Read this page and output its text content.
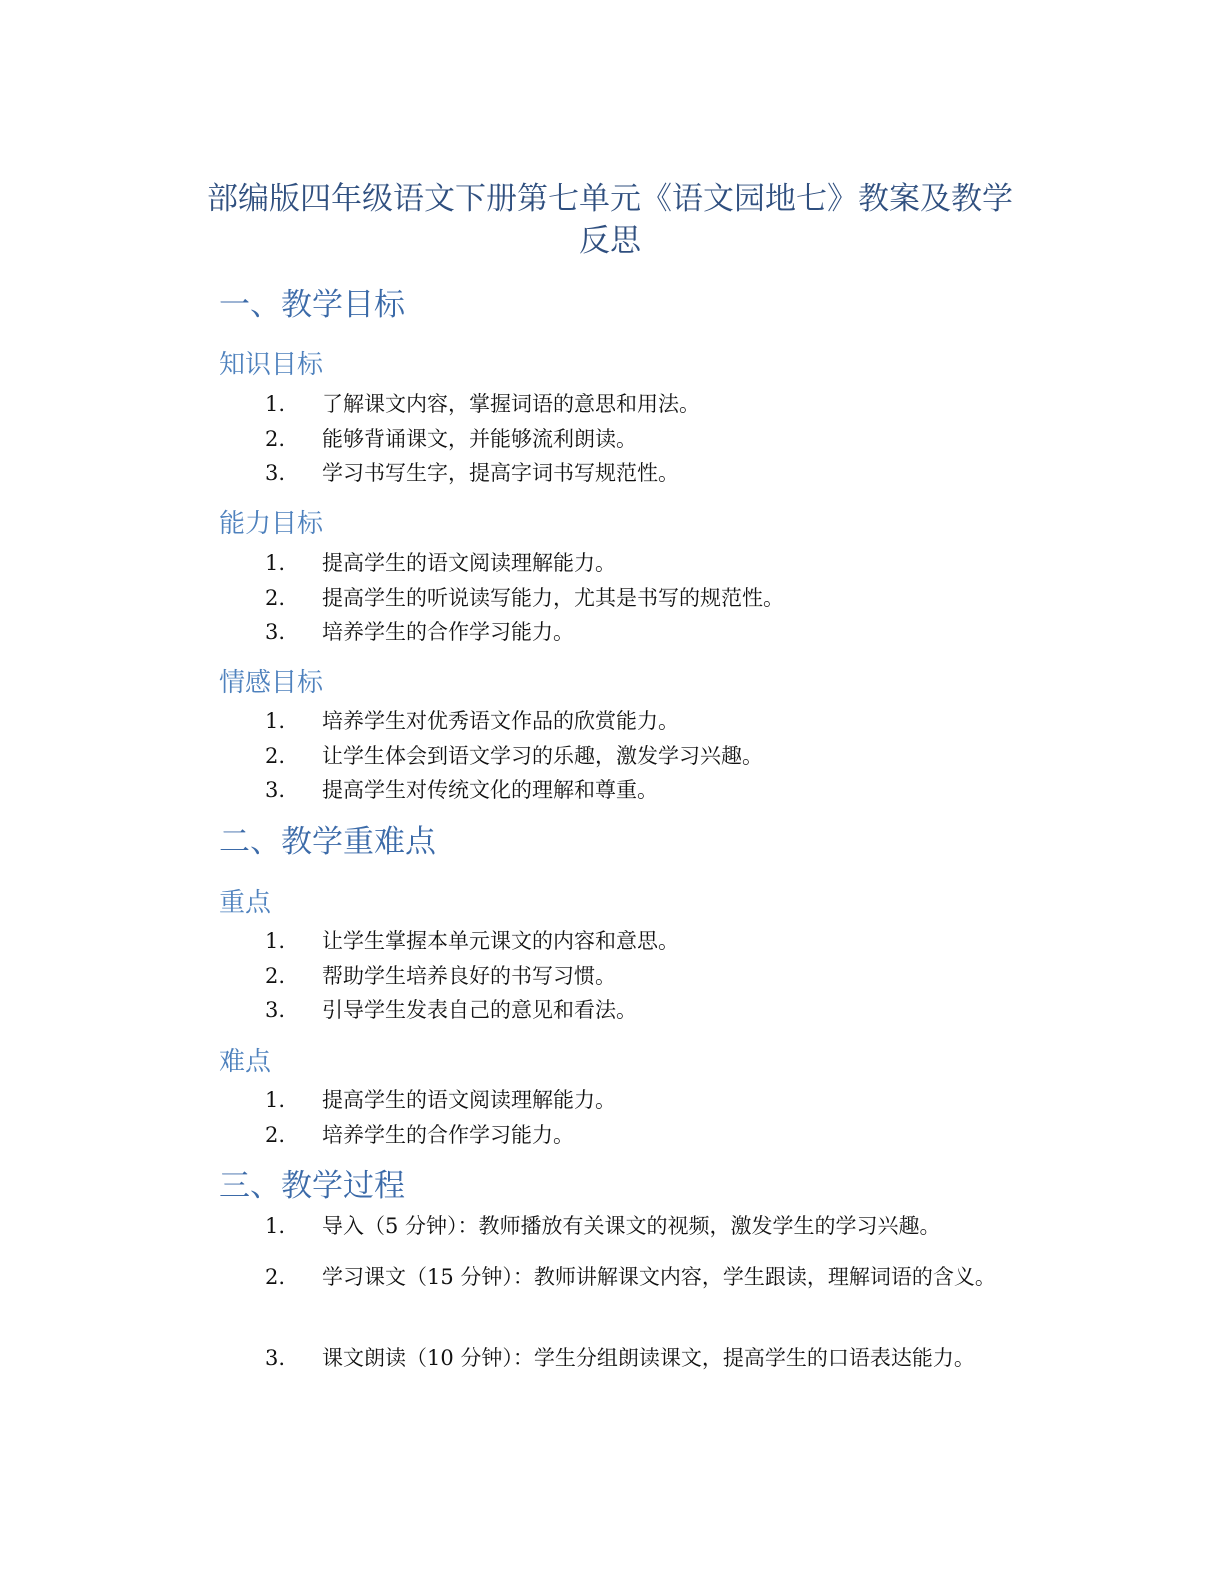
部编版四年级语文下册第七单元《语文园地七》教案及教学
反思
一、教学目标
知识目标
1.	了解课文内容，掌握词语的意思和用法。
2.	能够背诵课文，并能够流利朗读。
3.	学习书写生字，提高字词书写规范性。
能力目标
1.	提高学生的语文阅读理解能力。
2.	提高学生的听说读写能力，尤其是书写的规范性。
3.	培养学生的合作学习能力。
情感目标
1.	培养学生对优秀语文作品的欣赏能力。
2.	让学生体会到语文学习的乐趣，激发学习兴趣。
3.	提高学生对传统文化的理解和尊重。
二、教学重难点
重点
1.	让学生掌握本单元课文的内容和意思。
2.	帮助学生培养良好的书写习惯。
3.	引导学生发表自己的意见和看法。
难点
1.	提高学生的语文阅读理解能力。
2.	培养学生的合作学习能力。
三、教学过程
1. 导入（5 分钟）：教师播放有关课文的视频，激发学生的学习兴趣。
2. 学习课文（15 分钟）：教师讲解课文内容，学生跟读，理解词语的含义。
3. 课文朗读（10 分钟）：学生分组朗读课文，提高学生的口语表达能力。
